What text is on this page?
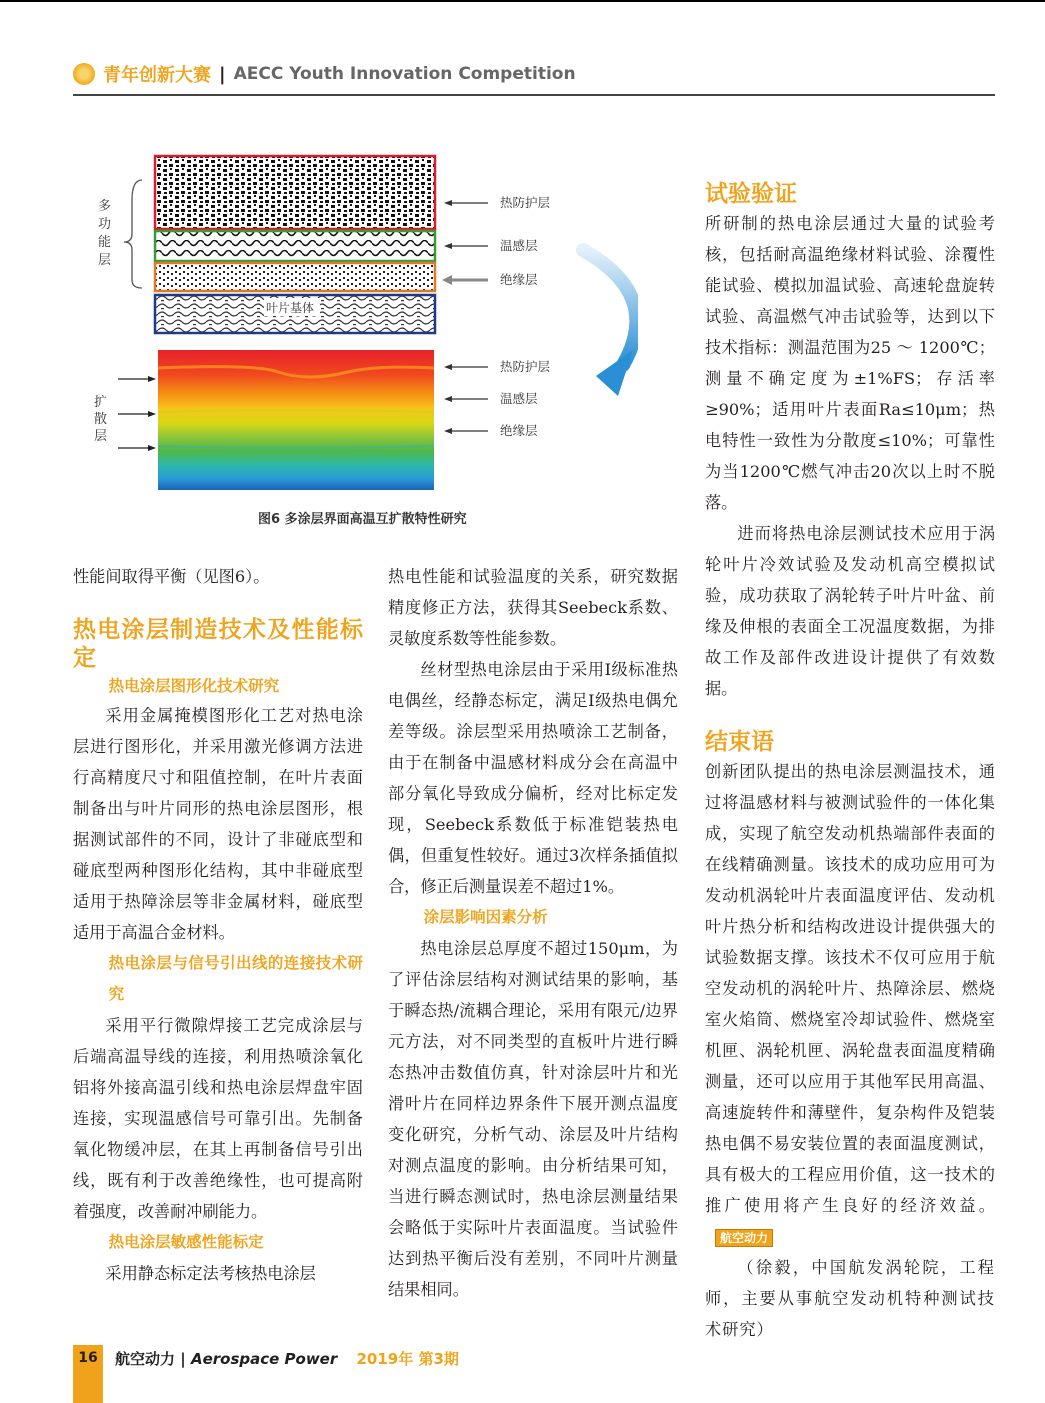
青年创新大赛 | AECC Youth Innovation Competition
叶片基体
多功能层
热防护层
温感层
绝缘层
扩散层
热防护层
温感层
绝缘层
图6 多涂层界面高温互扩散特性研究

性能间取得平衡（见图6）。

热电涂层制造技术及性能标定
热电涂层图形化技术研究

采用金属掩模图形化工艺对热电涂层进行图形化，并采用激光修调方法进行高精度尺寸和阻值控制，在叶片表面制备出与叶片同形的热电涂层图形，根据测试部件的不同，设计了非碰底型和碰底型两种图形化结构，其中非碰底型适用于热障涂层等非金属材料，碰底型适用于高温合金材料。

热电涂层与信号引出线的连接技术研究

采用平行微隙焊接工艺完成涂层与后端高温导线的连接，利用热喷涂氧化铝将外接高温引线和热电涂层焊盘牢固连接，实现温感信号可靠引出。先制备氧化物缓冲层，在其上再制备信号引出线，既有利于改善绝缘性，也可提高附着强度，改善耐冲刷能力。

热电涂层敏感性能标定

采用静态标定法考核热电涂层

热电性能和试验温度的关系，研究数据精度修正方法，获得其Seebeck系数、灵敏度系数等性能参数。

丝材型热电涂层由于采用I级标准热电偶丝，经静态标定，满足I级热电偶允差等级。涂层型采用热喷涂工艺制备，由于在制备中温感材料成分会在高温中部分氧化导致成分偏析，经对比标定发现，Seebeck系数低于标准铠装热电偶，但重复性较好。通过3次样条插值拟合，修正后测量误差不超过1%。

涂层影响因素分析

热电涂层总厚度不超过150μm，为了评估涂层结构对测试结果的影响，基于瞬态热/流耦合理论，采用有限元/边界元方法，对不同类型的直板叶片进行瞬态热冲击数值仿真，针对涂层叶片和光滑叶片在同样边界条件下展开测点温度变化研究，分析气动、涂层及叶片结构对测点温度的影响。由分析结果可知，当进行瞬态测试时，热电涂层测量结果会略低于实际叶片表面温度。当试验件达到热平衡后没有差别，不同叶片测量结果相同。

试验验证

所研制的热电涂层通过大量的试验考核，包括耐高温绝缘材料试验、涂覆性能试验、模拟加温试验、高速轮盘旋转试验、高温燃气冲击试验等，达到以下技术指标：测温范围为25 ～ 1200℃；测量不确定度为±1%FS；存活率≥90%；适用叶片表面Ra≤10μm；热电特性一致性为分散度≤10%；可靠性为当1200℃燃气冲击20次以上时不脱落。

进而将热电涂层测试技术应用于涡轮叶片冷效试验及发动机高空模拟试验，成功获取了涡轮转子叶片叶盆、前缘及伸根的表面全工况温度数据，为排故工作及部件改进设计提供了有效数据。

结束语

创新团队提出的热电涂层测温技术，通过将温感材料与被测试验件的一体化集成，实现了航空发动机热端部件表面的在线精确测量。该技术的成功应用可为发动机涡轮叶片表面温度评估、发动机叶片热分析和结构改进设计提供强大的试验数据支撑。该技术不仅可应用于航空发动机的涡轮叶片、热障涂层、燃烧室火焰筒、燃烧室冷却试验件、燃烧室机匣、涡轮机匣、涡轮盘表面温度精确测量，还可以应用于其他军民用高温、高速旋转件和薄壁件，复杂构件及铠装热电偶不易安装位置的表面温度测试，具有极大的工程应用价值，这一技术的推广使用将产生良好的经济效益。航空动力

（徐毅，中国航发涡轮院，工程师，主要从事航空发动机特种测试技术研究）

16	航空动力 | Aerospace Power 2019年 第3期
